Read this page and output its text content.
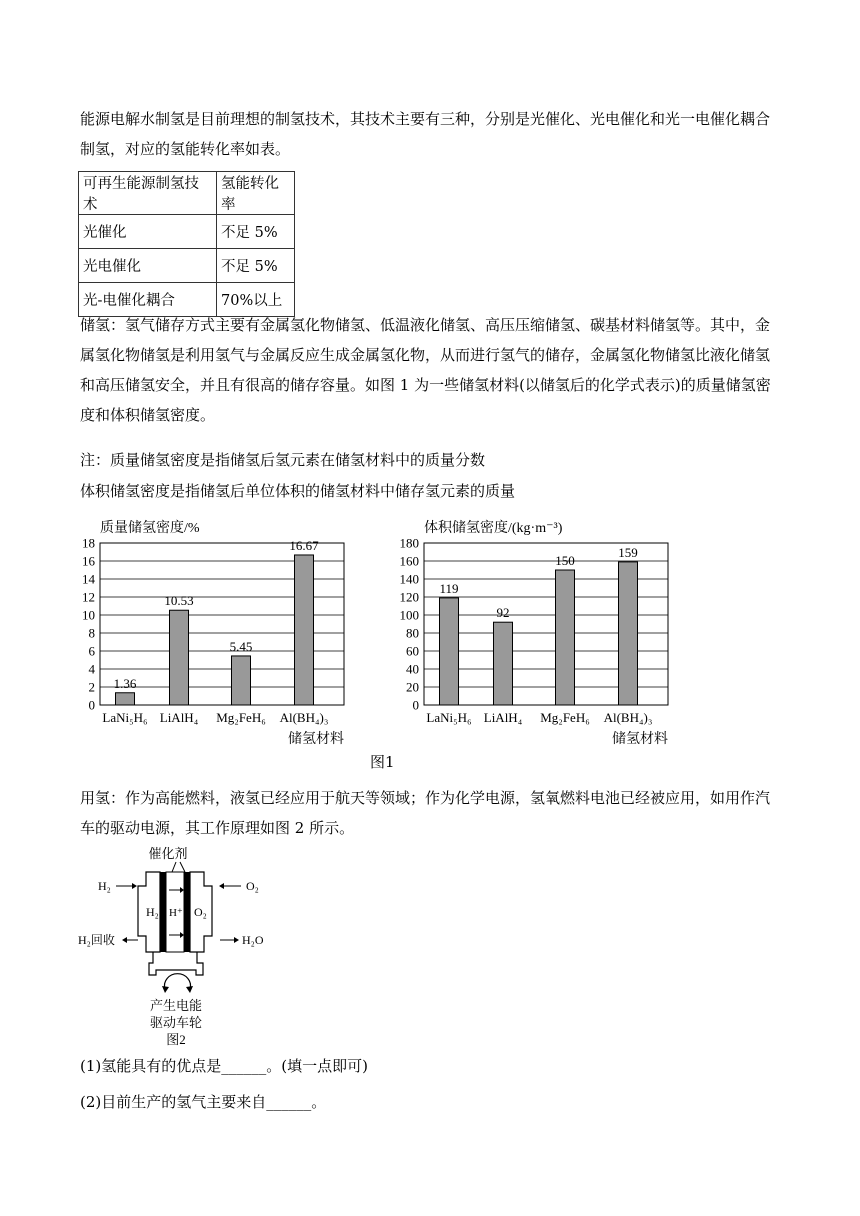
能源电解水制氢是目前理想的制氢技术，其技术主要有三种，分别是光催化、光电催化和光一电催化耦合制氢，对应的氢能转化率如表。

可再生能源制氢技术	氢能转化率
光催化	不足 5%
光电催化	不足 5%
光-电催化耦合	70%以上

储氢：氢气储存方式主要有金属氢化物储氢、低温液化储氢、高压压缩储氢、碳基材料储氢等。其中，金属氢化物储氢是利用氢气与金属反应生成金属氢化物，从而进行氢气的储存，金属氢化物储氢比液化储氢和高压储氢安全，并且有很高的储存容量。如图 1 为一些储氢材料(以储氢后的化学式表示)的质量储氢密度和体积储氢密度。

注：质量储氢密度是指储氢后氢元素在储氢材料中的质量分数
体积储氢密度是指储氢后单位体积的储氢材料中储存氢元素的质量
质量储氢密度/%
0
2
4
6
8
10
12
14
16
18
1.36
LaNi₅H₆
10.53
LiAlH₄
5.45
Mg₂FeH₆
16.67
Al(BH₄)₃
储氢材料
体积储氢密度/(kg·m⁻³)
0
20
40
60
80
100
120
140
160
180
119
LaNi₅H₆
92
LiAlH₄
150
Mg₂FeH₆
159
Al(BH₄)₃
储氢材料
图1

用氢：作为高能燃料，液氢已经应用于航天等领域；作为化学电源，氢氧燃料电池已经被应用，如用作汽车的驱动电源，其工作原理如图 2 所示。

催化剂
H₂ H⁺ O₂
H₂	O₂
H₂回收	H₂O
产生电能
驱动车轮
图2
(1)氢能具有的优点是______。(填一点即可)
(2)目前生产的氢气主要来自______。
